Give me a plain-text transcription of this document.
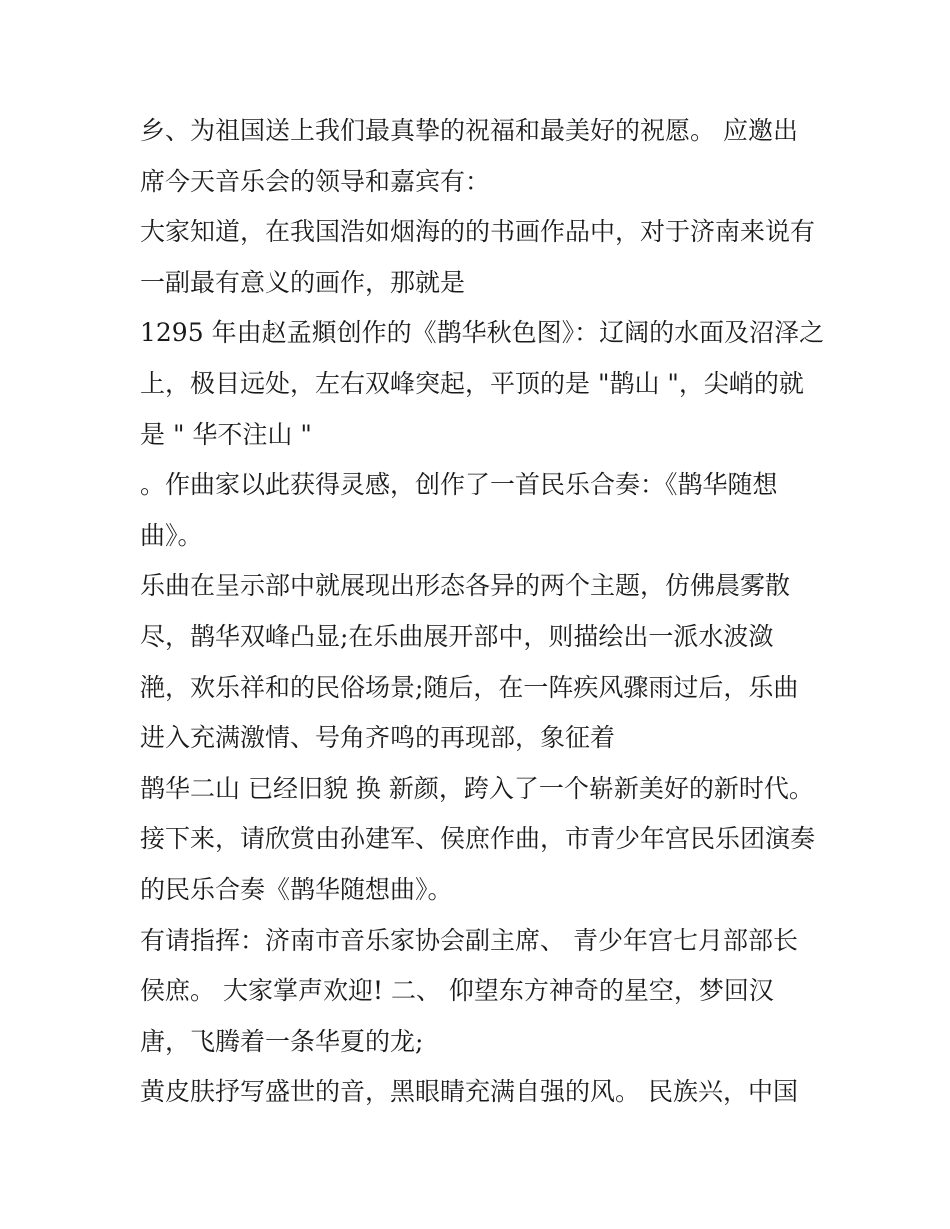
乡、为祖国送上我们最真挚的祝福和最美好的祝愿。 应邀出
席今天音乐会的领导和嘉宾有：
大家知道，在我国浩如烟海的的书画作品中，对于济南来说有
一副最有意义的画作，那就是
1295 年由赵孟頫创作的《鹊华秋色图》：辽阔的水面及沼泽之
上，极目远处，左右双峰突起，平顶的是 "鹊山 "，尖峭的就
是 " 华不注山 "
。作曲家以此获得灵感，创作了一首民乐合奏：《鹊华随想
曲》。
乐曲在呈示部中就展现出形态各异的两个主题，仿佛晨雾散
尽，鹊华双峰凸显;在乐曲展开部中，则描绘出一派水波潋
滟，欢乐祥和的民俗场景;随后，在一阵疾风骤雨过后，乐曲
进入充满激情、号角齐鸣的再现部，象征着
鹊华二山 已经旧貌 换 新颜，跨入了一个崭新美好的新时代。
接下来，请欣赏由孙建军、侯庶作曲，市青少年宫民乐团演奏
的民乐合奏《鹊华随想曲》。
有请指挥：济南市音乐家协会副主席、 青少年宫七月部部长
侯庶。 大家掌声欢迎! 二、 仰望东方神奇的星空，梦回汉
唐，飞腾着一条华夏的龙;
黄皮肤抒写盛世的音，黑眼睛充满自强的风。 民族兴，中国
